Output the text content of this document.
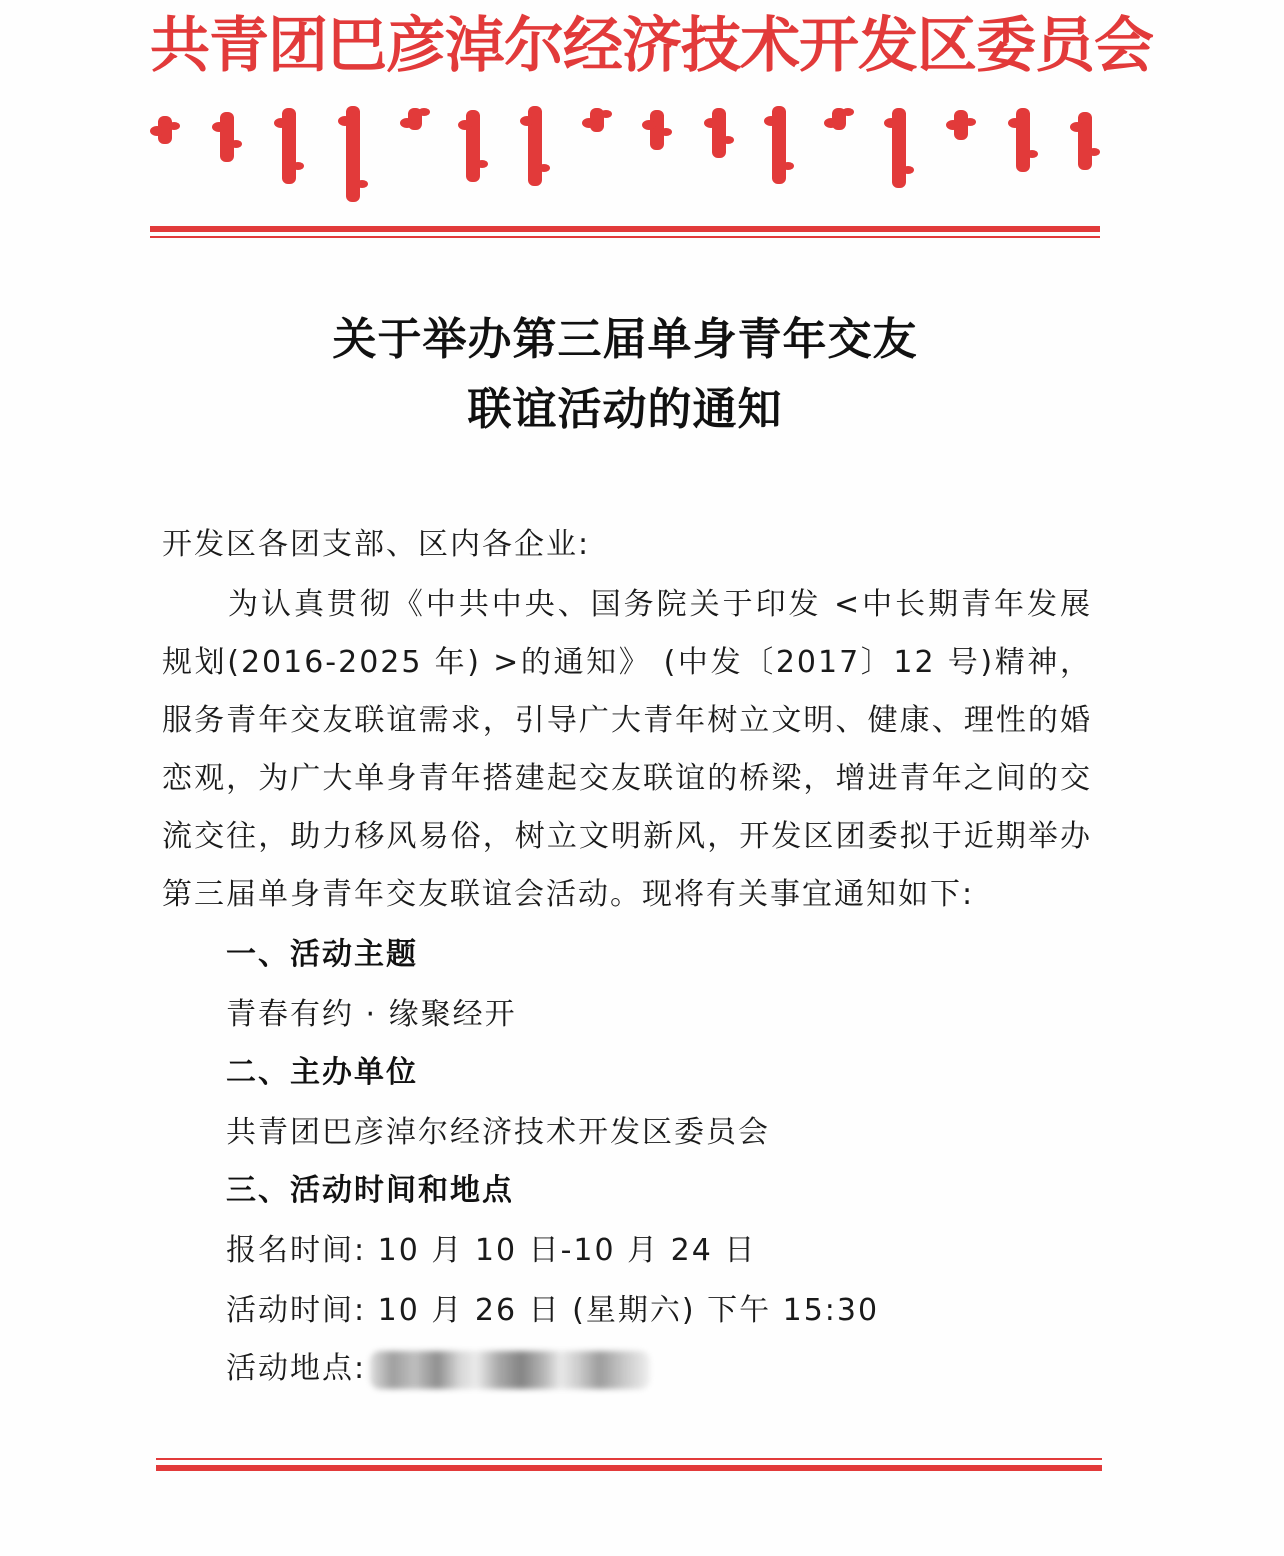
共青团巴彦淖尔经济技术开发区委员会
关于举办第三届单身青年交友
联谊活动的通知
开发区各团支部、区内各企业:
为认真贯彻《中共中央、国务院关于印发 <中长期青年发展规划(2016-2025 年) >的通知》 (中发〔2017〕12 号)精神，服务青年交友联谊需求，引导广大青年树立文明、健康、理性的婚恋观，为广大单身青年搭建起交友联谊的桥梁，增进青年之间的交流交往，助力移风易俗，树立文明新风，开发区团委拟于近期举办第三届单身青年交友联谊会活动。现将有关事宜通知如下:
一、活动主题
青春有约 · 缘聚经开
二、主办单位
共青团巴彦淖尔经济技术开发区委员会
三、活动时间和地点
报名时间: 10 月 10 日-10 月 24 日
活动时间: 10 月 26 日 (星期六) 下午 15:30
活动地点:
